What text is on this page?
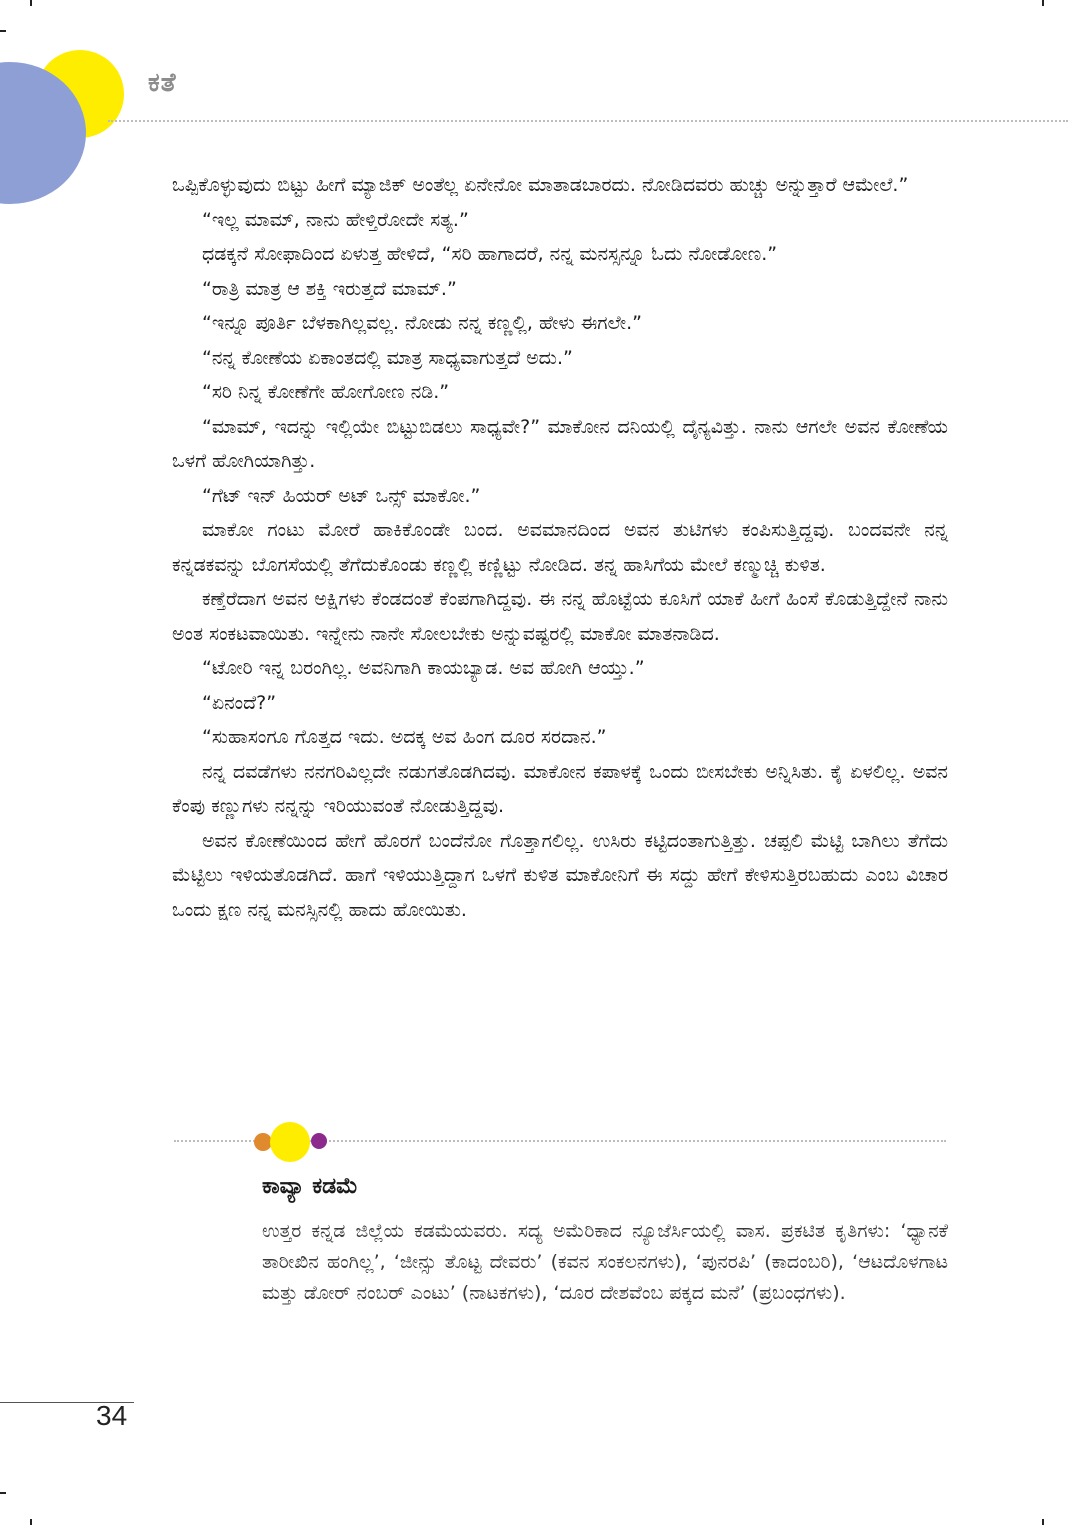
ಕತೆ

ಒಪ್ಪಿಕೊಳ್ಳುವುದು ಬಿಟ್ಟು ಹೀಗೆ ಮ್ಯಾಜಿಕ್ ಅಂತೆಲ್ಲ ಏನೇನೋ ಮಾತಾಡಬಾರದು. ನೋಡಿದವರು ಹುಚ್ಚು ಅನ್ನುತ್ತಾರೆ ಆಮೇಲೆ.”

“ಇಲ್ಲ ಮಾಮ್, ನಾನು ಹೇಳ್ತಿರೋದೇ ಸತ್ಯ.”

ಧಡಕ್ಕನೆ ಸೋಫಾದಿಂದ ಏಳುತ್ತ ಹೇಳಿದೆ, “ಸರಿ ಹಾಗಾದರೆ, ನನ್ನ ಮನಸ್ಸನ್ನೂ ಓದು ನೋಡೋಣ.”

“ರಾತ್ರಿ ಮಾತ್ರ ಆ ಶಕ್ತಿ ಇರುತ್ತದೆ ಮಾಮ್.”

“ಇನ್ನೂ ಪೂರ್ತಿ ಬೆಳಕಾಗಿಲ್ಲವಲ್ಲ. ನೋಡು ನನ್ನ ಕಣ್ಣಲ್ಲಿ, ಹೇಳು ಈಗಲೇ.”

“ನನ್ನ ಕೋಣೆಯ ಏಕಾಂತದಲ್ಲಿ ಮಾತ್ರ ಸಾಧ್ಯವಾಗುತ್ತದೆ ಅದು.”

“ಸರಿ ನಿನ್ನ ಕೋಣೆಗೇ ಹೋಗೋಣ ನಡಿ.”

“ಮಾಮ್, ಇದನ್ನು ಇಲ್ಲಿಯೇ ಬಿಟ್ಟುಬಿಡಲು ಸಾಧ್ಯವೇ?” ಮಾಕೋನ ದನಿಯಲ್ಲಿ ದೈನ್ಯವಿತ್ತು. ನಾನು ಆಗಲೇ ಅವನ ಕೋಣೆಯ ಒಳಗೆ ಹೋಗಿಯಾಗಿತ್ತು.

“ಗೆಟ್ ಇನ್ ಹಿಯರ್ ಅಟ್ ಒನ್ಸ್ ಮಾಕೋ.”

ಮಾಕೋ ಗಂಟು ಮೋರೆ ಹಾಕಿಕೊಂಡೇ ಬಂದ. ಅವಮಾನದಿಂದ ಅವನ ತುಟಿಗಳು ಕಂಪಿಸುತ್ತಿದ್ದವು. ಬಂದವನೇ ನನ್ನ ಕನ್ನಡಕವನ್ನು ಬೊಗಸೆಯಲ್ಲಿ ತೆಗೆದುಕೊಂಡು ಕಣ್ಣಲ್ಲಿ ಕಣ್ಣಿಟ್ಟು ನೋಡಿದ. ತನ್ನ ಹಾಸಿಗೆಯ ಮೇಲೆ ಕಣ್ಮುಚ್ಚಿ ಕುಳಿತ.

ಕಣ್ತೆರೆದಾಗ ಅವನ ಅಕ್ಷಿಗಳು ಕೆಂಡದಂತೆ ಕೆಂಪಗಾಗಿದ್ದವು. ಈ ನನ್ನ ಹೊಟ್ಟೆಯ ಕೂಸಿಗೆ ಯಾಕೆ ಹೀಗೆ ಹಿಂಸೆ ಕೊಡುತ್ತಿದ್ದೇನೆ ನಾನು ಅಂತ ಸಂಕಟವಾಯಿತು. ಇನ್ನೇನು ನಾನೇ ಸೋಲಬೇಕು ಅನ್ನುವಷ್ಟರಲ್ಲಿ ಮಾಕೋ ಮಾತನಾಡಿದ.

“ಟೋರಿ ಇನ್ನ ಬರಂಗಿಲ್ಲ. ಅವನಿಗಾಗಿ ಕಾಯಬ್ಯಾಡ. ಅವ ಹೋಗಿ ಆಯ್ತು.”

“ಏನಂದೆ?”

“ಸುಹಾಸಂಗೂ ಗೊತ್ತದ ಇದು. ಅದಕ್ಕ ಅವ ಹಿಂಗ ದೂರ ಸರದಾನ.”

ನನ್ನ ದವಡೆಗಳು ನನಗರಿವಿಲ್ಲದೇ ನಡುಗತೊಡಗಿದವು. ಮಾಕೋನ ಕಪಾಳಕ್ಕೆ ಒಂದು ಬೀಸಬೇಕು ಅನ್ನಿಸಿತು. ಕೈ ಏಳಲಿಲ್ಲ. ಅವನ ಕೆಂಪು ಕಣ್ಣುಗಳು ನನ್ನನ್ನು ಇರಿಯುವಂತೆ ನೋಡುತ್ತಿದ್ದವು.

ಅವನ ಕೋಣೆಯಿಂದ ಹೇಗೆ ಹೊರಗೆ ಬಂದೆನೋ ಗೊತ್ತಾಗಲಿಲ್ಲ. ಉಸಿರು ಕಟ್ಟಿದಂತಾಗುತ್ತಿತ್ತು. ಚಪ್ಪಲಿ ಮೆಟ್ಟಿ ಬಾಗಿಲು ತೆಗೆದು ಮೆಟ್ಟಿಲು ಇಳಿಯತೊಡಗಿದೆ. ಹಾಗೆ ಇಳಿಯುತ್ತಿದ್ದಾಗ ಒಳಗೆ ಕುಳಿತ ಮಾಕೋನಿಗೆ ಈ ಸದ್ದು ಹೇಗೆ ಕೇಳಿಸುತ್ತಿರಬಹುದು ಎಂಬ ವಿಚಾರ ಒಂದು ಕ್ಷಣ ನನ್ನ ಮನಸ್ಸಿನಲ್ಲಿ ಹಾದು ಹೋಯಿತು.

ಕಾವ್ಯಾ ಕಡಮೆ

ಉತ್ತರ ಕನ್ನಡ ಜಿಲ್ಲೆಯ ಕಡಮೆಯವರು. ಸದ್ಯ ಅಮೆರಿಕಾದ ನ್ಯೂಜೆರ್ಸಿಯಲ್ಲಿ ವಾಸ. ಪ್ರಕಟಿತ ಕೃತಿಗಳು: ‘ಧ್ಯಾನಕೆ ತಾರೀಖಿನ ಹಂಗಿಲ್ಲ’, ‘ಜೀನ್ಸು ತೊಟ್ಟ ದೇವರು’ (ಕವನ ಸಂಕಲನಗಳು), ‘ಪುನರಪಿ’ (ಕಾದಂಬರಿ), ‘ಆಟದೊಳಗಾಟ ಮತ್ತು ಡೋರ್ ನಂಬರ್ ಎಂಟು’ (ನಾಟಕಗಳು), ‘ದೂರ ದೇಶವೆಂಬ ಪಕ್ಕದ ಮನೆ’ (ಪ್ರಬಂಧಗಳು).

34
